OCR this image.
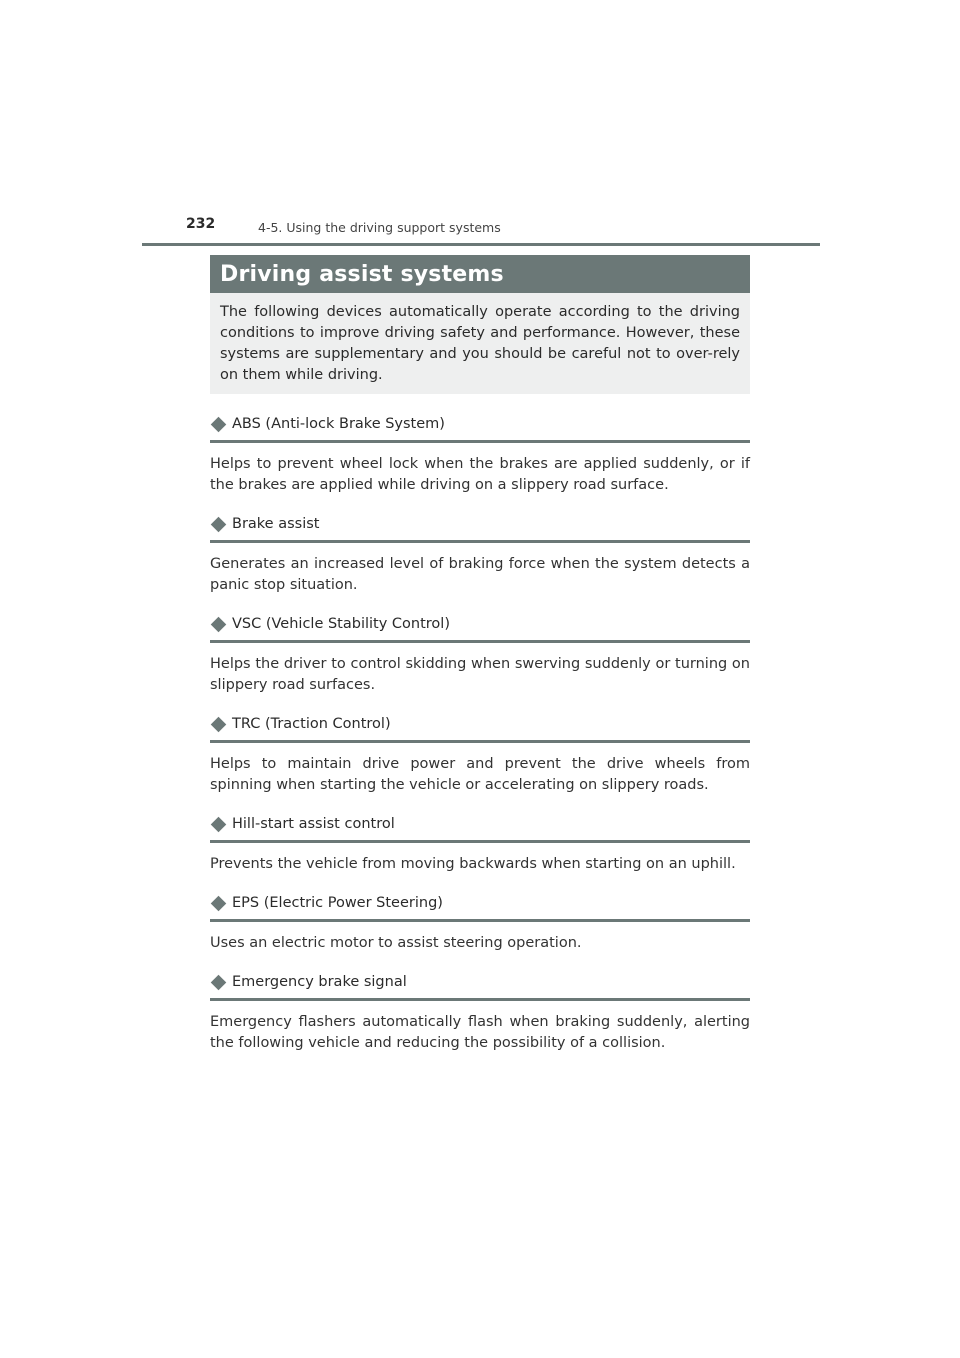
232	4-5. Using the driving support systems
Driving assist systems
The following devices automatically operate according to the driving conditions to improve driving safety and performance. However, these systems are supplementary and you should be careful not to over-rely on them while driving.
ABS (Anti-lock Brake System)
Helps to prevent wheel lock when the brakes are applied suddenly, or if the brakes are applied while driving on a slippery road surface.
Brake assist
Generates an increased level of braking force when the system detects a panic stop situation.
VSC (Vehicle Stability Control)
Helps the driver to control skidding when swerving suddenly or turning on slippery road surfaces.
TRC (Traction Control)
Helps to maintain drive power and prevent the drive wheels from spinning when starting the vehicle or accelerating on slippery roads.
Hill-start assist control
Prevents the vehicle from moving backwards when starting on an uphill.
EPS (Electric Power Steering)
Uses an electric motor to assist steering operation.
Emergency brake signal
Emergency flashers automatically flash when braking suddenly, alerting the following vehicle and reducing the possibility of a collision.
